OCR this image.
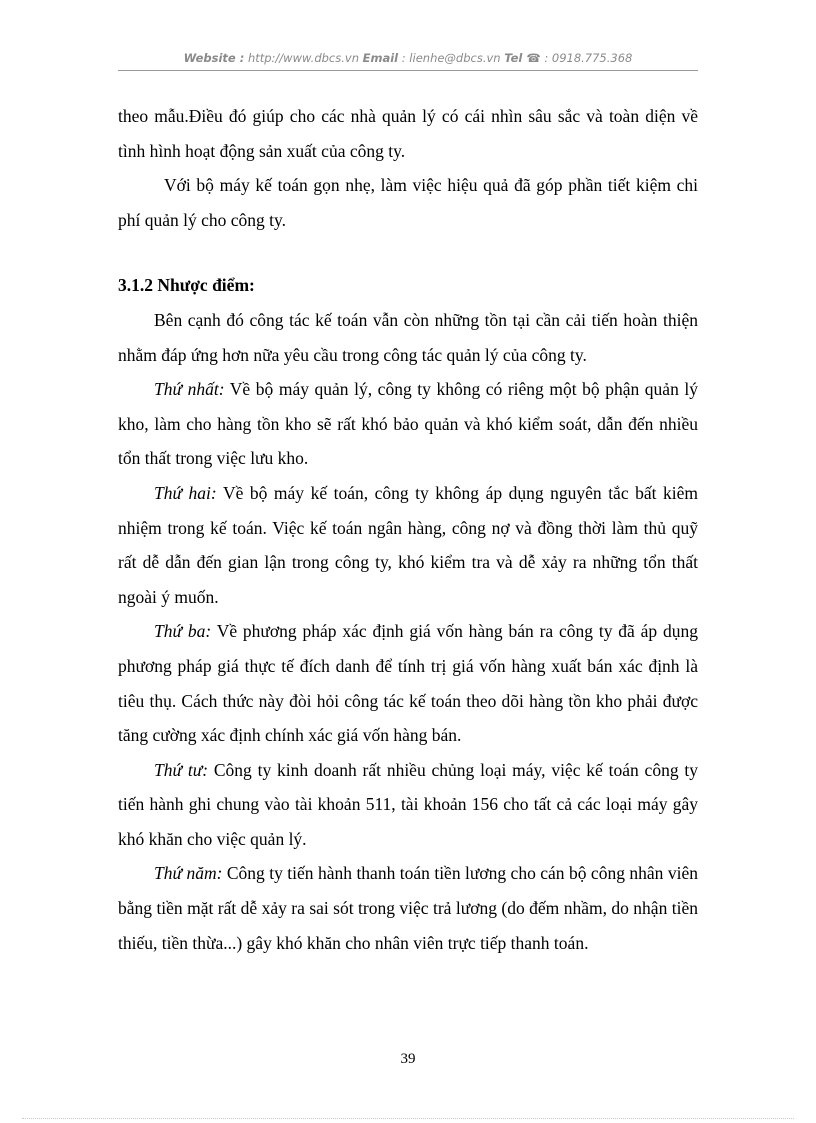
Website : http://www.dbcs.vn Email : lienhe@dbcs.vn Tel ☎ : 0918.775.368

theo mẫu.Điều đó giúp cho các nhà quản lý có cái nhìn sâu sắc và toàn diện về tình hình hoạt động sản xuất của công ty.

Với bộ máy kế toán gọn nhẹ, làm việc hiệu quả đã góp phần tiết kiệm chi phí quản lý cho công ty.

3.1.2 Nhược điểm:

Bên cạnh đó công tác kế toán vẫn còn những tồn tại cần cải tiến hoàn thiện nhằm đáp ứng hơn nữa yêu cầu trong công tác quản lý của công ty.

Thứ nhất: Về bộ máy quản lý, công ty không có riêng một bộ phận quản lý kho, làm cho hàng tồn kho sẽ rất khó bảo quản và khó kiểm soát, dẫn đến nhiều tổn thất trong việc lưu kho.

Thứ hai: Về bộ máy kế toán, công ty không áp dụng nguyên tắc bất kiêm nhiệm trong kế toán. Việc kế toán ngân hàng, công nợ và đồng thời làm thủ quỹ rất dễ dẫn đến gian lận trong công ty, khó kiểm tra và dễ xảy ra những tổn thất ngoài ý muốn.

Thứ ba: Về phương pháp xác định giá vốn hàng bán ra công ty đã áp dụng phương pháp giá thực tế đích danh để tính trị giá vốn hàng xuất bán xác định là tiêu thụ. Cách thức này đòi hỏi công tác kế toán theo dõi hàng tồn kho phải được tăng cường xác định chính xác giá vốn hàng bán.

Thứ tư: Công ty kinh doanh rất nhiều chủng loại máy, việc kế toán công ty tiến hành ghi chung vào tài khoản 511, tài khoản 156 cho tất cả các loại máy gây khó khăn cho việc quản lý.

Thứ năm: Công ty tiến hành thanh toán tiền lương cho cán bộ công nhân viên bằng tiền mặt rất dễ xảy ra sai sót trong việc trả lương (do đếm nhầm, do nhận tiền thiếu, tiền thừa...) gây khó khăn cho nhân viên trực tiếp thanh toán.

39
